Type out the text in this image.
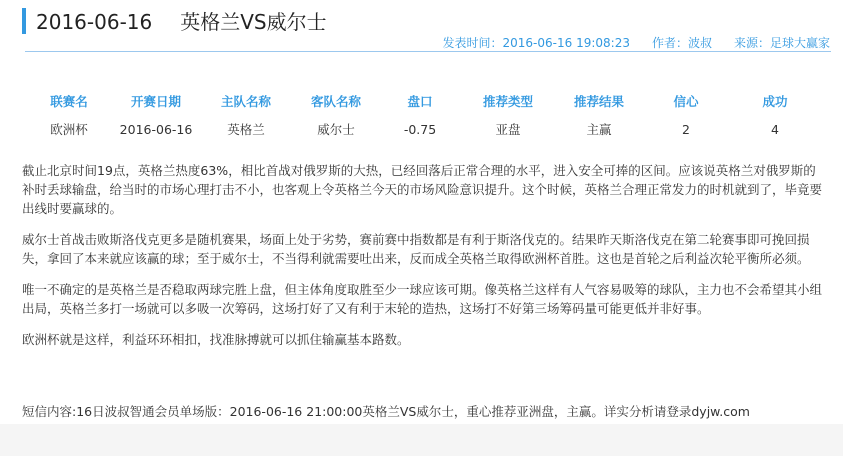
2016-06-16 英格兰VS威尔士
发表时间：2016-06-16 19:08:23 作者：波叔 来源：足球大赢家
联赛名	开赛日期	主队名称	客队名称	盘口	推荐类型	推荐结果	信心	成功
欧洲杯	2016-06-16	英格兰	威尔士	-0.75	亚盘	主赢	2	4

截止北京时间19点，英格兰热度63%，相比首战对俄罗斯的大热，已经回落后正常合理的水平，进入安全可捧的区间。应该说英格兰对俄罗斯的补时丢球输盘，给当时的市场心理打击不小，也客观上令英格兰今天的市场风险意识提升。这个时候，英格兰合理正常发力的时机就到了，毕竟要出线时要赢球的。

威尔士首战击败斯洛伐克更多是随机赛果，场面上处于劣势，赛前赛中指数都是有利于斯洛伐克的。结果昨天斯洛伐克在第二轮赛事即可挽回损失，拿回了本来就应该赢的球；至于威尔士，不当得利就需要吐出来，反而成全英格兰取得欧洲杯首胜。这也是首轮之后利益次轮平衡所必须。

唯一不确定的是英格兰是否稳取两球完胜上盘，但主体角度取胜至少一球应该可期。像英格兰这样有人气容易吸筹的球队，主力也不会希望其小组出局，英格兰多打一场就可以多吸一次筹码，这场打好了又有利于末轮的造热，这场打不好第三场筹码量可能更低并非好事。

欧洲杯就是这样，利益环环相扣，找准脉搏就可以抓住输赢基本路数。

短信内容:16日波叔智通会员单场版：2016-06-16 21:00:00英格兰VS威尔士，重心推荐亚洲盘，主赢。详实分析请登录dyjw.com
